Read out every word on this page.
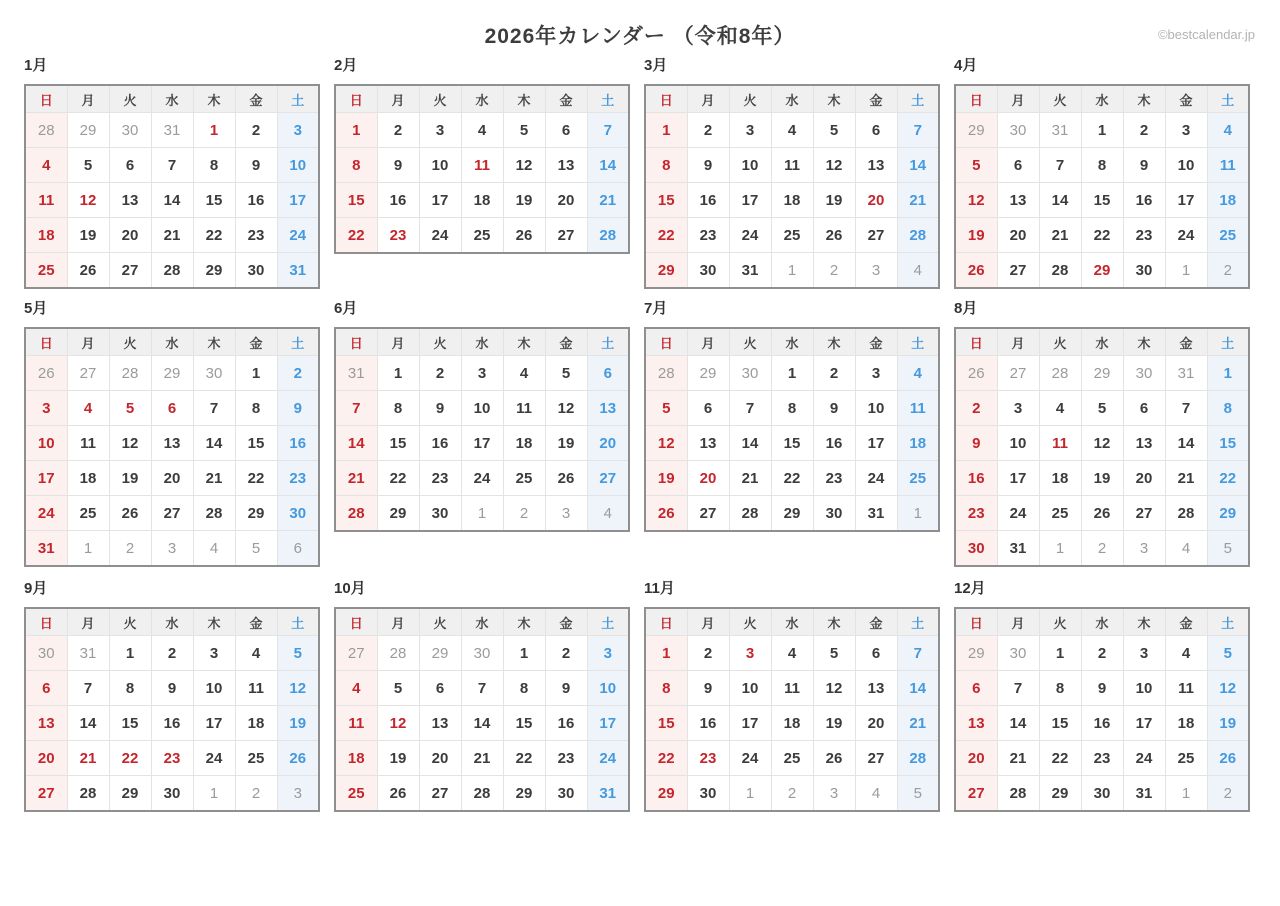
2026年カレンダー （令和8年）	©bestcalendar.jp
1月
日	月	火	水	木	金	土
28	29	30	31	1	2	3
4	5	6	7	8	9	10
11	12	13	14	15	16	17
18	19	20	21	22	23	24
25	26	27	28	29	30	31
2月
日	月	火	水	木	金	土
1	2	3	4	5	6	7
8	9	10	11	12	13	14
15	16	17	18	19	20	21
22	23	24	25	26	27	28
3月
日	月	火	水	木	金	土
1	2	3	4	5	6	7
8	9	10	11	12	13	14
15	16	17	18	19	20	21
22	23	24	25	26	27	28
29	30	31	1	2	3	4
4月
日	月	火	水	木	金	土
29	30	31	1	2	3	4
5	6	7	8	9	10	11
12	13	14	15	16	17	18
19	20	21	22	23	24	25
26	27	28	29	30	1	2
5月
日	月	火	水	木	金	土
26	27	28	29	30	1	2
3	4	5	6	7	8	9
10	11	12	13	14	15	16
17	18	19	20	21	22	23
24	25	26	27	28	29	30
31	1	2	3	4	5	6
6月
日	月	火	水	木	金	土
31	1	2	3	4	5	6
7	8	9	10	11	12	13
14	15	16	17	18	19	20
21	22	23	24	25	26	27
28	29	30	1	2	3	4
7月
日	月	火	水	木	金	土
28	29	30	1	2	3	4
5	6	7	8	9	10	11
12	13	14	15	16	17	18
19	20	21	22	23	24	25
26	27	28	29	30	31	1
8月
日	月	火	水	木	金	土
26	27	28	29	30	31	1
2	3	4	5	6	7	8
9	10	11	12	13	14	15
16	17	18	19	20	21	22
23	24	25	26	27	28	29
30	31	1	2	3	4	5
9月
日	月	火	水	木	金	土
30	31	1	2	3	4	5
6	7	8	9	10	11	12
13	14	15	16	17	18	19
20	21	22	23	24	25	26
27	28	29	30	1	2	3
10月
日	月	火	水	木	金	土
27	28	29	30	1	2	3
4	5	6	7	8	9	10
11	12	13	14	15	16	17
18	19	20	21	22	23	24
25	26	27	28	29	30	31
11月
日	月	火	水	木	金	土
1	2	3	4	5	6	7
8	9	10	11	12	13	14
15	16	17	18	19	20	21
22	23	24	25	26	27	28
29	30	1	2	3	4	5
12月
日	月	火	水	木	金	土
29	30	1	2	3	4	5
6	7	8	9	10	11	12
13	14	15	16	17	18	19
20	21	22	23	24	25	26
27	28	29	30	31	1	2
